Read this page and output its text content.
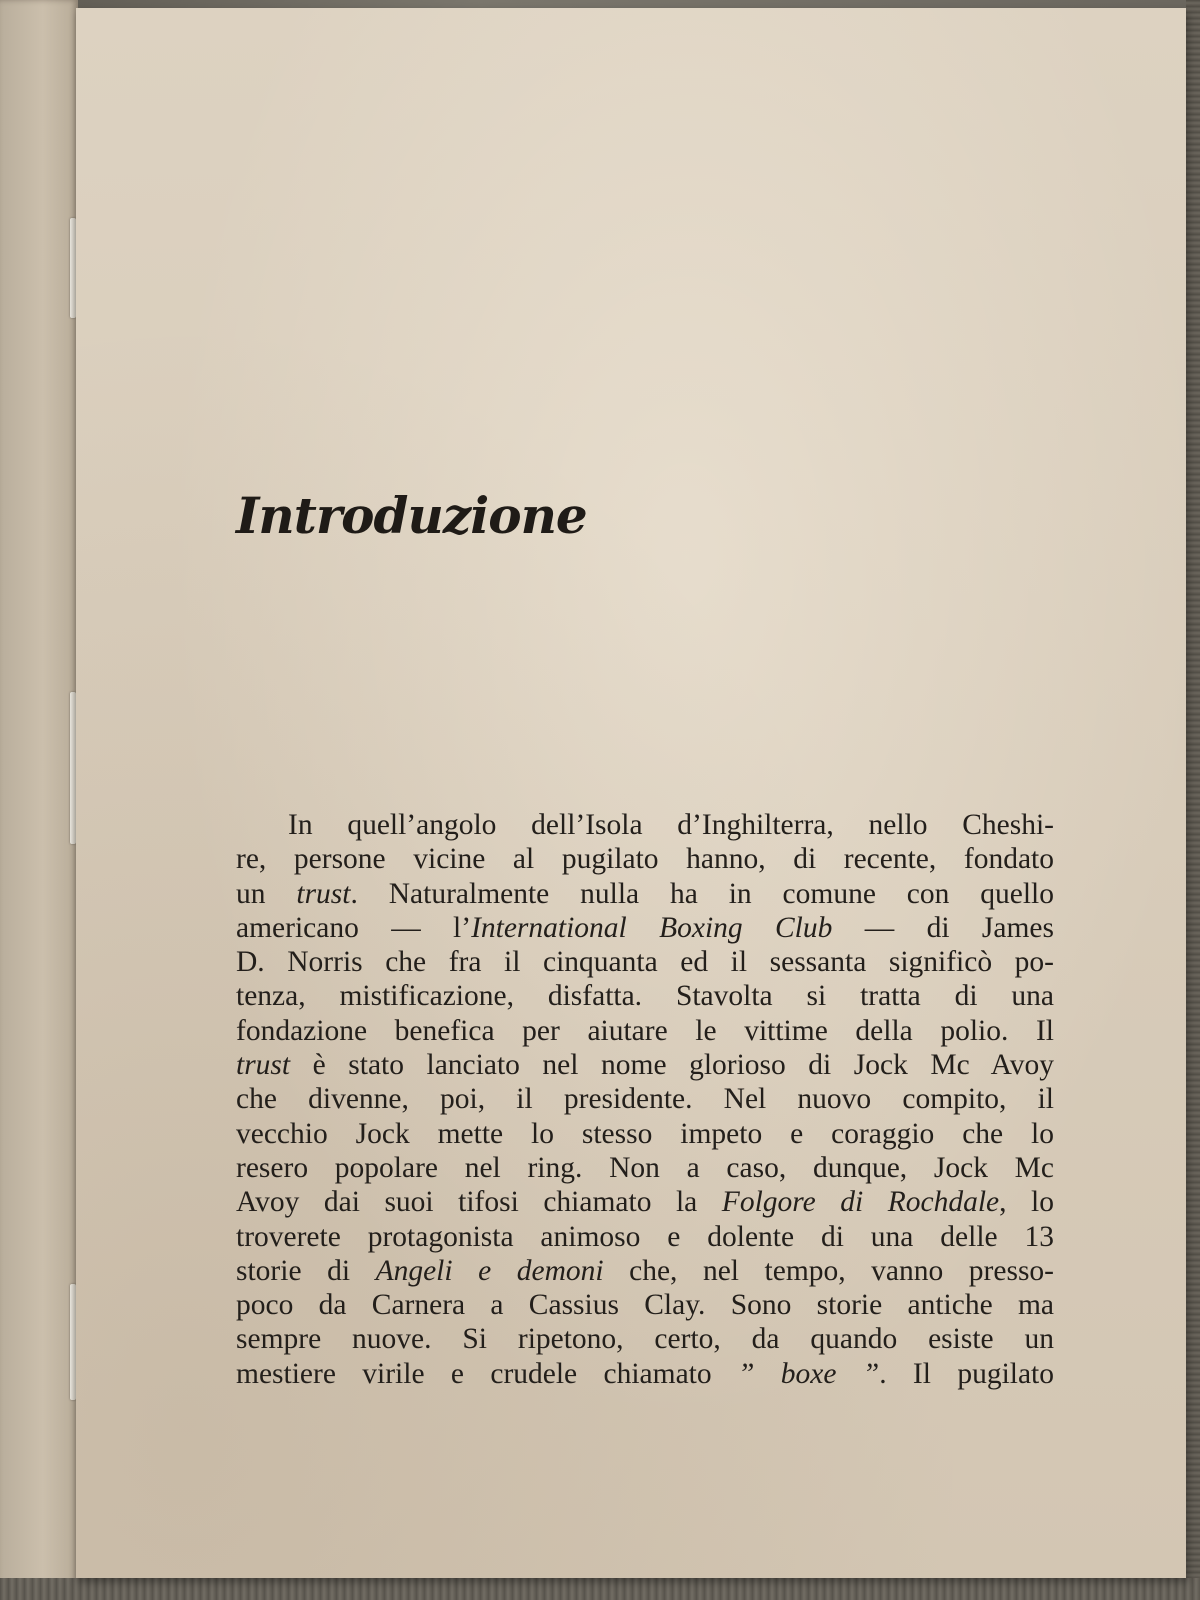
Introduzione
In quell’angolo dell’Isola d’Inghilterra, nello Cheshi-
re, persone vicine al pugilato hanno, di recente, fondato
un trust. Naturalmente nulla ha in comune con quello
americano — l’International Boxing Club — di James
D. Norris che fra il cinquanta ed il sessanta significò po-
tenza, mistificazione, disfatta. Stavolta si tratta di una
fondazione benefica per aiutare le vittime della polio. Il
trust è stato lanciato nel nome glorioso di Jock Mc Avoy
che divenne, poi, il presidente. Nel nuovo compito, il
vecchio Jock mette lo stesso impeto e coraggio che lo
resero popolare nel ring. Non a caso, dunque, Jock Mc
Avoy dai suoi tifosi chiamato la Folgore di Rochdale, lo
troverete protagonista animoso e dolente di una delle 13
storie di Angeli e demoni che, nel tempo, vanno presso-
poco da Carnera a Cassius Clay. Sono storie antiche ma
sempre nuove. Si ripetono, certo, da quando esiste un
mestiere virile e crudele chiamato ” boxe ”. Il pugilato
